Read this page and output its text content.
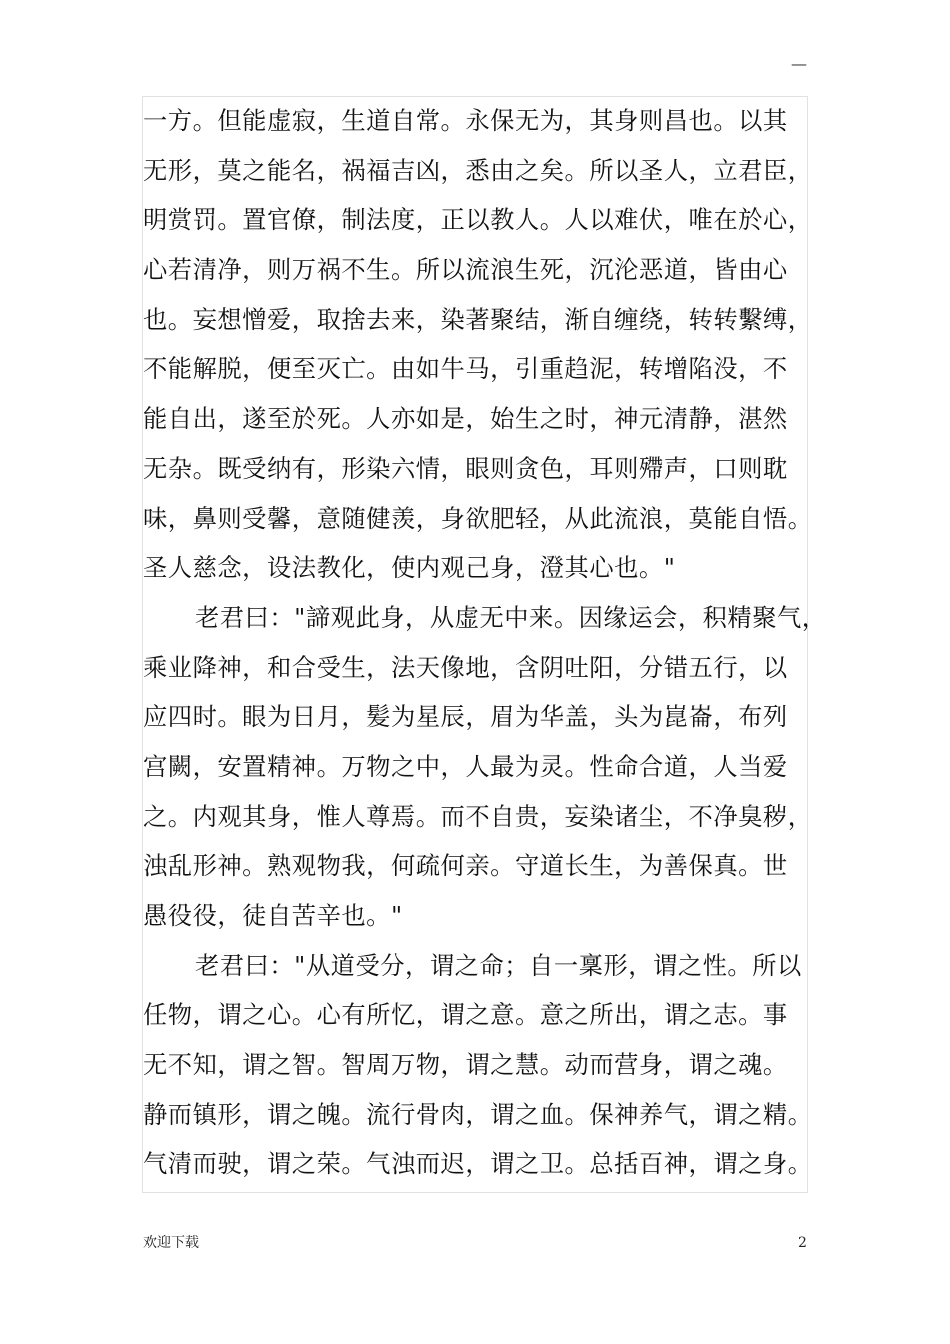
—
一方。但能虚寂，生道自常。永保无为，其身则昌也。以其
无形，莫之能名，祸福吉凶，悉由之矣。所以圣人，立君臣，
明赏罚。置官僚，制法度，正以教人。人以难伏，唯在於心，
心若清净，则万祸不生。所以流浪生死，沉沦恶道，皆由心
也。妄想憎爱，取捨去来，染著聚结，渐自缠绕，转转繫缚，
不能解脱，便至灭亡。由如牛马，引重趋泥，转增陷没，不
能自出，遂至於死。人亦如是，始生之时，神元清静，湛然
无杂。既受纳有，形染六情，眼则贪色，耳则殢声，口则耽
味，鼻则受馨，意随健羡，身欲肥轻，从此流浪，莫能自悟。
圣人慈念，设法教化，使内观己身，澄其心也。"
老君曰："諦观此身，从虚无中来。因缘运会，积精聚气，
乘业降神，和合受生，法天像地，含阴吐阳，分错五行，以
应四时。眼为日月，髪为星辰，眉为华盖，头为崑崙，布列
宫闕，安置精神。万物之中，人最为灵。性命合道，人当爱
之。内观其身，惟人尊焉。而不自贵，妄染诸尘，不净臭秽，
浊乱形神。熟观物我，何疏何亲。守道长生，为善保真。世
愚役役，徒自苦辛也。"
老君曰："从道受分，谓之命；自一稟形，谓之性。所以
任物，谓之心。心有所忆，谓之意。意之所出，谓之志。事
无不知，谓之智。智周万物，谓之慧。动而营身，谓之魂。
静而镇形，谓之魄。流行骨肉，谓之血。保神养气，谓之精。
气清而驶，谓之荣。气浊而迟，谓之卫。总括百神，谓之身。
欢迎下载	2
